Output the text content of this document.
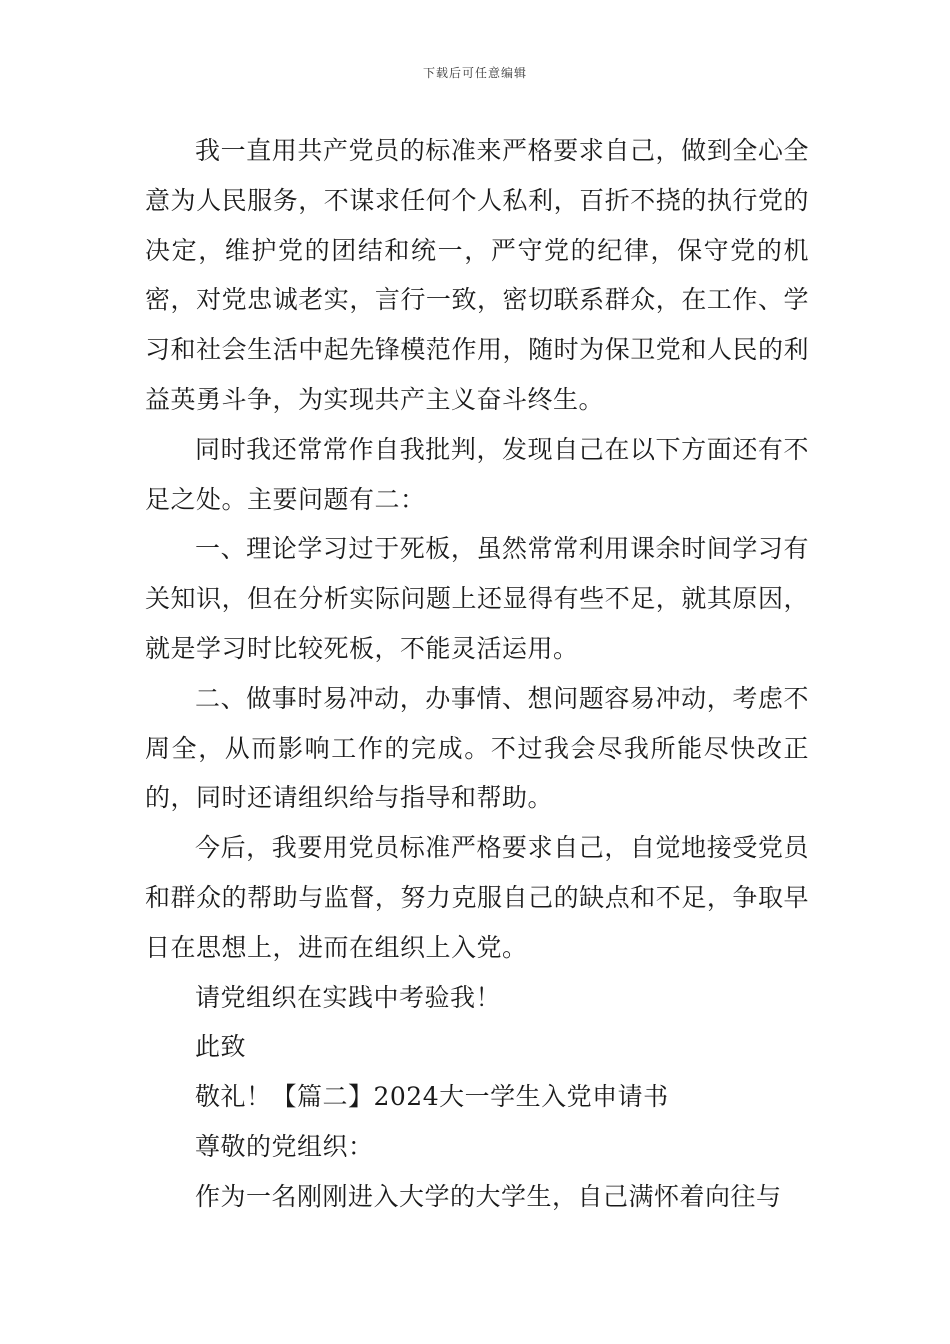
下载后可任意编辑

我一直用共产党员的标准来严格要求自己，做到全心全意为人民服务，不谋求任何个人私利，百折不挠的执行党的决定，维护党的团结和统一，严守党的纪律，保守党的机密，对党忠诚老实，言行一致，密切联系群众，在工作、学习和社会生活中起先锋模范作用，随时为保卫党和人民的利益英勇斗争，为实现共产主义奋斗终生。

同时我还常常作自我批判，发现自己在以下方面还有不足之处。主要问题有二：

一、理论学习过于死板，虽然常常利用课余时间学习有关知识，但在分析实际问题上还显得有些不足，就其原因，就是学习时比较死板，不能灵活运用。

二、做事时易冲动，办事情、想问题容易冲动，考虑不周全，从而影响工作的完成。不过我会尽我所能尽快改正的，同时还请组织给与指导和帮助。

今后，我要用党员标准严格要求自己，自觉地接受党员和群众的帮助与监督，努力克服自己的缺点和不足，争取早日在思想上，进而在组织上入党。

请党组织在实践中考验我！

此致

敬礼！【篇二】2024大一学生入党申请书

尊敬的党组织：

作为一名刚刚进入大学的大学生，自己满怀着向往与
